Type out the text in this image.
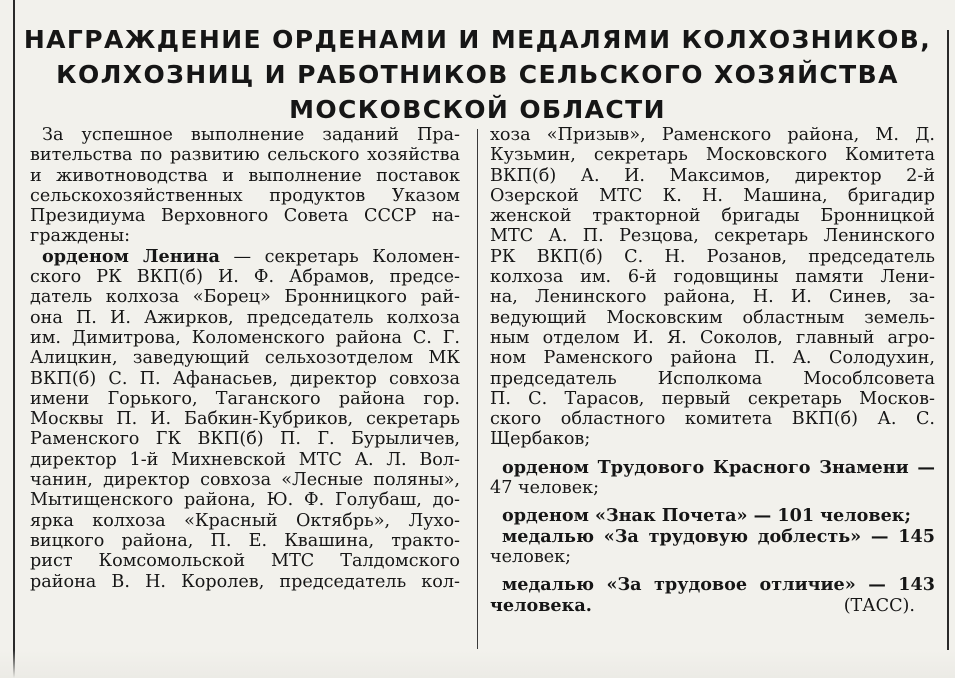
НАГРАЖДЕНИЕ ОРДЕНАМИ И МЕДАЛЯМИ КОЛХОЗНИКОВ,
КОЛХОЗНИЦ И РАБОТНИКОВ СЕЛЬСКОГО ХОЗЯЙСТВА
МОСКОВСКОЙ ОБЛАСТИ
За успешное выполнение заданий Пра-
вительства по развитию сельского хозяйства
и животноводства и выполнение поставок
сельскохозяйственных продуктов Указом
Президиума Верховного Совета СССР на-
граждены:
орденом Ленина — секретарь Коломен-
ского РК ВКП(б) И. Ф. Абрамов, предсе-
датель колхоза «Борец» Бронницкого рай-
она П. И. Ажирков, председатель колхоза
им. Димитрова, Коломенского района С. Г.
Алицкин, заведующий сельхозотделом МК
ВКП(б) С. П. Афанасьев, директор совхоза
имени Горького, Таганского района гор.
Москвы П. И. Бабкин-Кубриков, секретарь
Раменского ГК ВКП(б) П. Г. Бурыличев,
директор 1-й Михневской МТС А. Л. Вол-
чанин, директор совхоза «Лесные поляны»,
Мытищенского района, Ю. Ф. Голубаш, до-
ярка колхоза «Красный Октябрь», Лухо-
вицкого района, П. Е. Квашина, тракто-
рист Комсомольской МТС Талдомского
района В. Н. Королев, председатель кол-
хоза «Призыв», Раменского района, М. Д.
Кузьмин, секретарь Московского Комитета
ВКП(б) А. И. Максимов, директор 2-й
Озерской МТС К. Н. Машина, бригадир
женской тракторной бригады Бронницкой
МТС А. П. Резцова, секретарь Ленинского
РК ВКП(б) С. Н. Розанов, председатель
колхоза им. 6-й годовщины памяти Лени-
на, Ленинского района, Н. И. Синев, за-
ведующий Московским областным земель-
ным отделом И. Я. Соколов, главный агро-
ном Раменского района П. А. Солодухин,
председатель Исполкома Мособлсовета
П. С. Тарасов, первый секретарь Москов-
ского областного комитета ВКП(б) А. С.
Щербаков;
орденом Трудового Красного Знамени —
47 человек;
орденом «Знак Почета» — 101 человек;
медалью «За трудовую доблесть» — 145
человек;
медалью «За трудовое отличие» — 143
человека.	(ТАСС).
